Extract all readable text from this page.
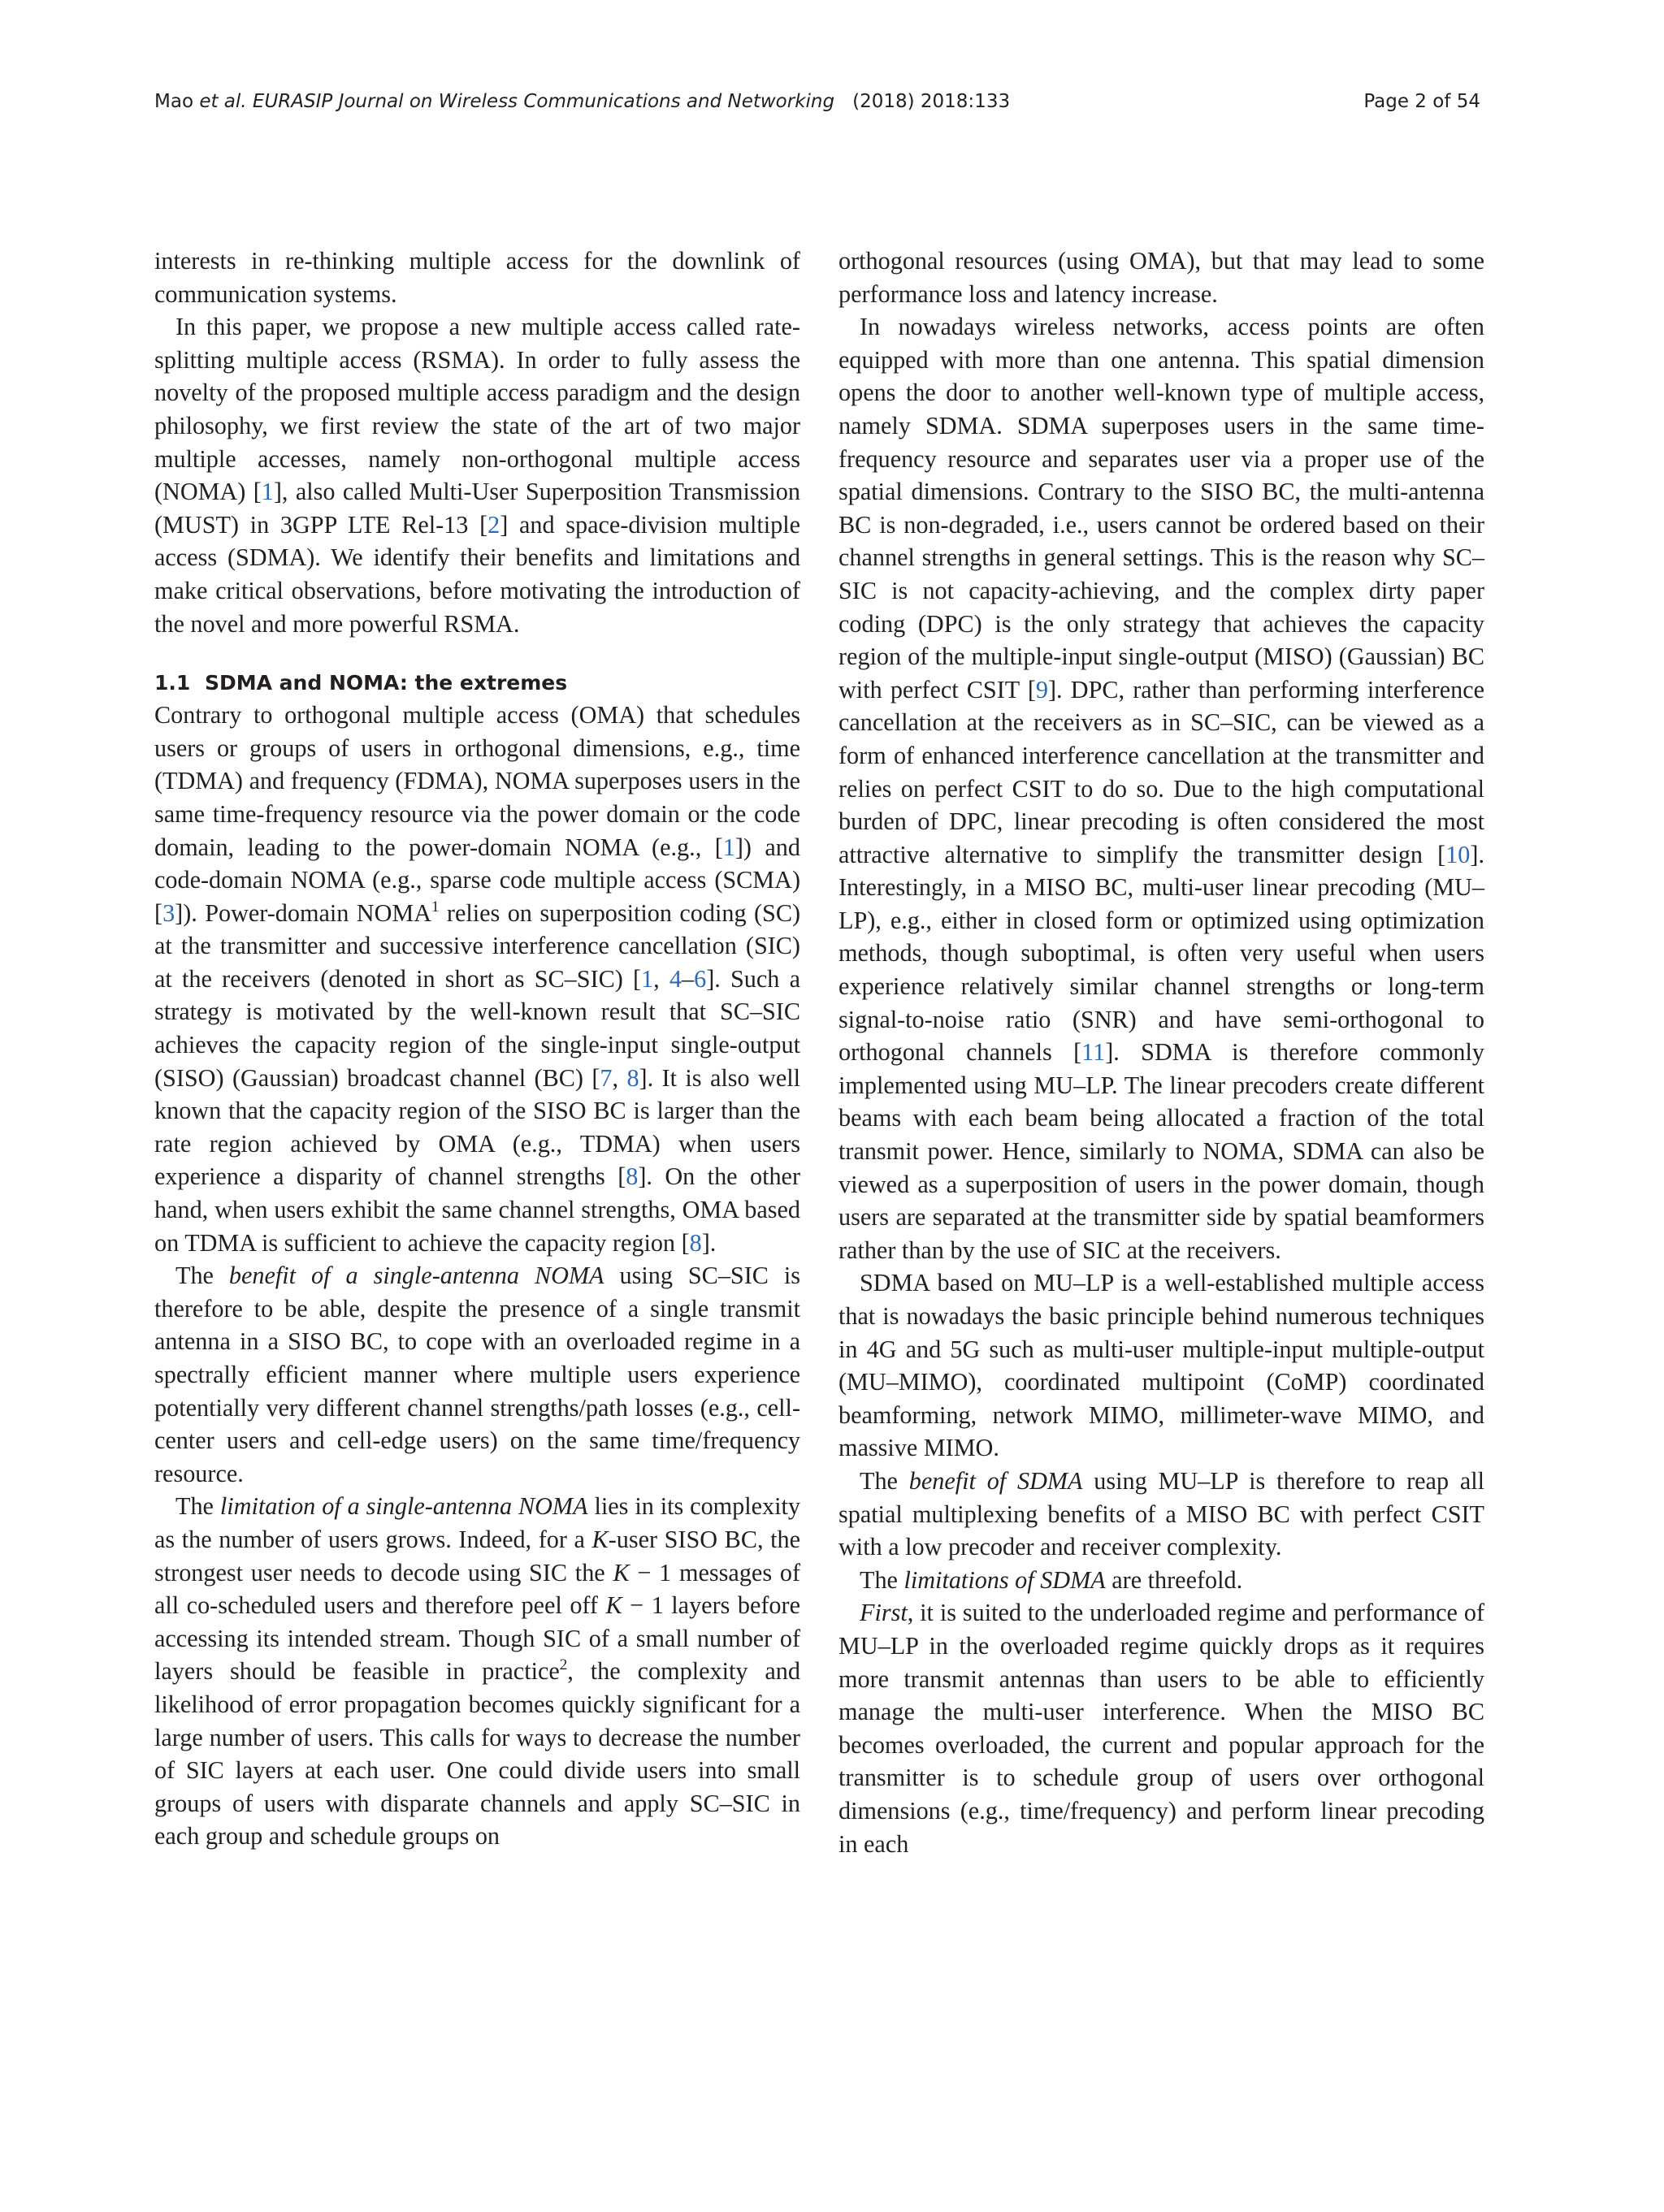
Mao et al. EURASIP Journal on Wireless Communications and Networking (2018) 2018:133	Page 2 of 54

interests in re-thinking multiple access for the downlink of communication systems.

In this paper, we propose a new multiple access called rate-splitting multiple access (RSMA). In order to fully assess the novelty of the proposed multiple access paradigm and the design philosophy, we first review the state of the art of two major multiple accesses, namely non-orthogonal multiple access (NOMA) [1], also called Multi-User Superposition Transmission (MUST) in 3GPP LTE Rel-13 [2] and space-division multiple access (SDMA). We identify their benefits and limitations and make critical observations, before motivating the introduction of the novel and more powerful RSMA.

1.1 SDMA and NOMA: the extremes

Contrary to orthogonal multiple access (OMA) that schedules users or groups of users in orthogonal dimensions, e.g., time (TDMA) and frequency (FDMA), NOMA superposes users in the same time-frequency resource via the power domain or the code domain, leading to the power-domain NOMA (e.g., [1]) and code-domain NOMA (e.g., sparse code multiple access (SCMA) [3]). Power-domain NOMA$^1$ relies on superposition coding (SC) at the transmitter and successive interference cancellation (SIC) at the receivers (denoted in short as SC–SIC) [1, 4–6]. Such a strategy is motivated by the well-known result that SC–SIC achieves the capacity region of the single-input single-output (SISO) (Gaussian) broadcast channel (BC) [7, 8]. It is also well known that the capacity region of the SISO BC is larger than the rate region achieved by OMA (e.g., TDMA) when users experience a disparity of channel strengths [8]. On the other hand, when users exhibit the same channel strengths, OMA based on TDMA is sufficient to achieve the capacity region [8].

The benefit of a single-antenna NOMA using SC–SIC is therefore to be able, despite the presence of a single transmit antenna in a SISO BC, to cope with an overloaded regime in a spectrally efficient manner where multiple users experience potentially very different channel strengths/path losses (e.g., cell-center users and cell-edge users) on the same time/frequency resource.

The limitation of a single-antenna NOMA lies in its complexity as the number of users grows. Indeed, for a K-user SISO BC, the strongest user needs to decode using SIC the K − 1 messages of all co-scheduled users and therefore peel off K − 1 layers before accessing its intended stream. Though SIC of a small number of layers should be feasible in practice$^2$, the complexity and likelihood of error propagation becomes quickly significant for a large number of users. This calls for ways to decrease the number of SIC layers at each user. One could divide users into small groups of users with disparate channels and apply SC–SIC in each group and schedule groups on

orthogonal resources (using OMA), but that may lead to some performance loss and latency increase.

In nowadays wireless networks, access points are often equipped with more than one antenna. This spatial dimension opens the door to another well-known type of multiple access, namely SDMA. SDMA superposes users in the same time-frequency resource and separates user via a proper use of the spatial dimensions. Contrary to the SISO BC, the multi-antenna BC is non-degraded, i.e., users cannot be ordered based on their channel strengths in general settings. This is the reason why SC–SIC is not capacity-achieving, and the complex dirty paper coding (DPC) is the only strategy that achieves the capacity region of the multiple-input single-output (MISO) (Gaussian) BC with perfect CSIT [9]. DPC, rather than performing interference cancellation at the receivers as in SC–SIC, can be viewed as a form of enhanced interference cancellation at the transmitter and relies on perfect CSIT to do so. Due to the high computational burden of DPC, linear precoding is often considered the most attractive alternative to simplify the transmitter design [10]. Interestingly, in a MISO BC, multi-user linear precoding (MU–LP), e.g., either in closed form or optimized using optimization methods, though suboptimal, is often very useful when users experience relatively similar channel strengths or long-term signal-to-noise ratio (SNR) and have semi-orthogonal to orthogonal channels [11]. SDMA is therefore commonly implemented using MU–LP. The linear precoders create different beams with each beam being allocated a fraction of the total transmit power. Hence, similarly to NOMA, SDMA can also be viewed as a superposition of users in the power domain, though users are separated at the transmitter side by spatial beamformers rather than by the use of SIC at the receivers.

SDMA based on MU–LP is a well-established multiple access that is nowadays the basic principle behind numerous techniques in 4G and 5G such as multi-user multiple-input multiple-output (MU–MIMO), coordinated multipoint (CoMP) coordinated beamforming, network MIMO, millimeter-wave MIMO, and massive MIMO.

The benefit of SDMA using MU–LP is therefore to reap all spatial multiplexing benefits of a MISO BC with perfect CSIT with a low precoder and receiver complexity.

The limitations of SDMA are threefold.

First, it is suited to the underloaded regime and performance of MU–LP in the overloaded regime quickly drops as it requires more transmit antennas than users to be able to efficiently manage the multi-user interference. When the MISO BC becomes overloaded, the current and popular approach for the transmitter is to schedule group of users over orthogonal dimensions (e.g., time/frequency) and perform linear precoding in each
